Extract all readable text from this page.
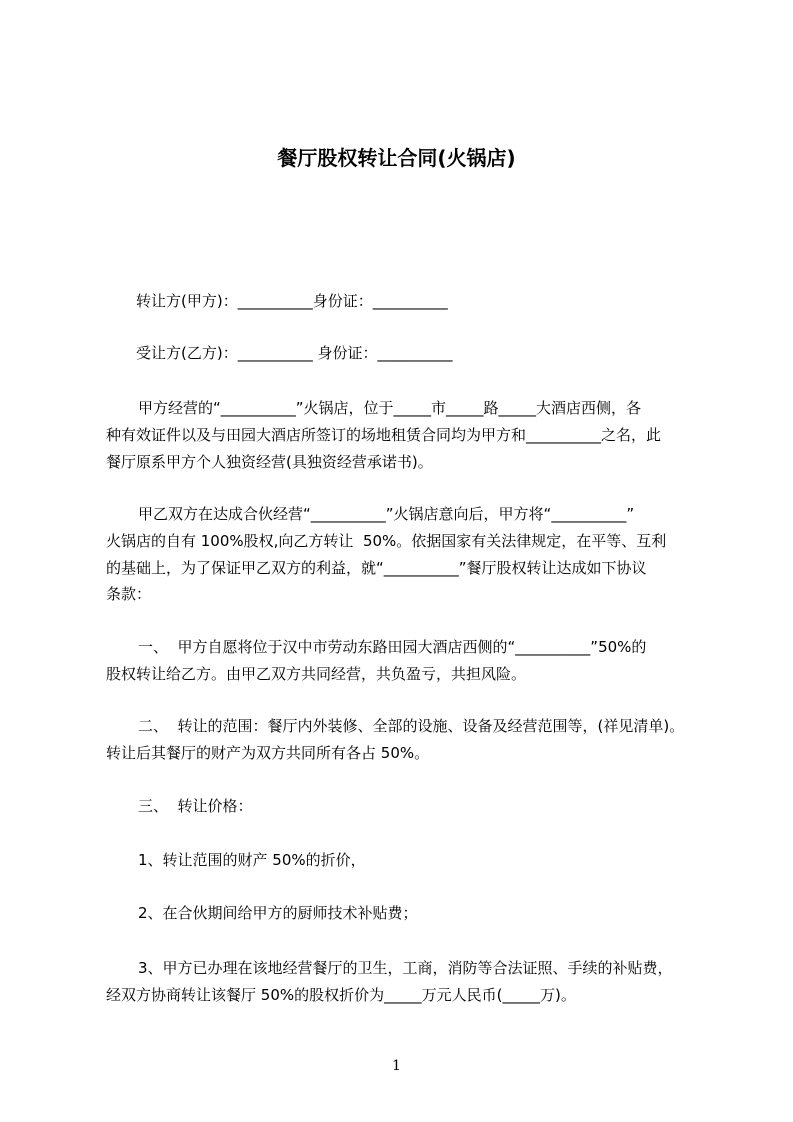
餐厅股权转让合同(火锅店)

转让方(甲方)：__________身份证：__________

受让方(乙方)：__________ 身份证：__________

甲方经营的“__________”火锅店，位于_____市_____路_____大酒店西侧，各

种有效证件以及与田园大酒店所签订的场地租赁合同均为甲方和__________之名，此

餐厅原系甲方个人独资经营(具独资经营承诺书)。

甲乙双方在达成合伙经营“__________”火锅店意向后，甲方将“__________”

火锅店的自有 100%股权,向乙方转让  50%。依据国家有关法律规定，在平等、互利

的基础上，为了保证甲乙双方的利益，就“__________”餐厅股权转让达成如下协议

条款：

一、  甲方自愿将位于汉中市劳动东路田园大酒店西侧的“__________”50%的

股权转让给乙方。由甲乙双方共同经营，共负盈亏，共担风险。

二、  转让的范围：餐厅内外装修、全部的设施、设备及经营范围等，(祥见清单)。

转让后其餐厅的财产为双方共同所有各占 50%。

三、  转让价格：

1、转让范围的财产 50%的折价，

2、在合伙期间给甲方的厨师技术补贴费；

3、甲方已办理在该地经营餐厅的卫生，工商，消防等合法证照、手续的补贴费，

经双方协商转让该餐厅 50%的股权折价为_____万元人民币(_____万)。

1
